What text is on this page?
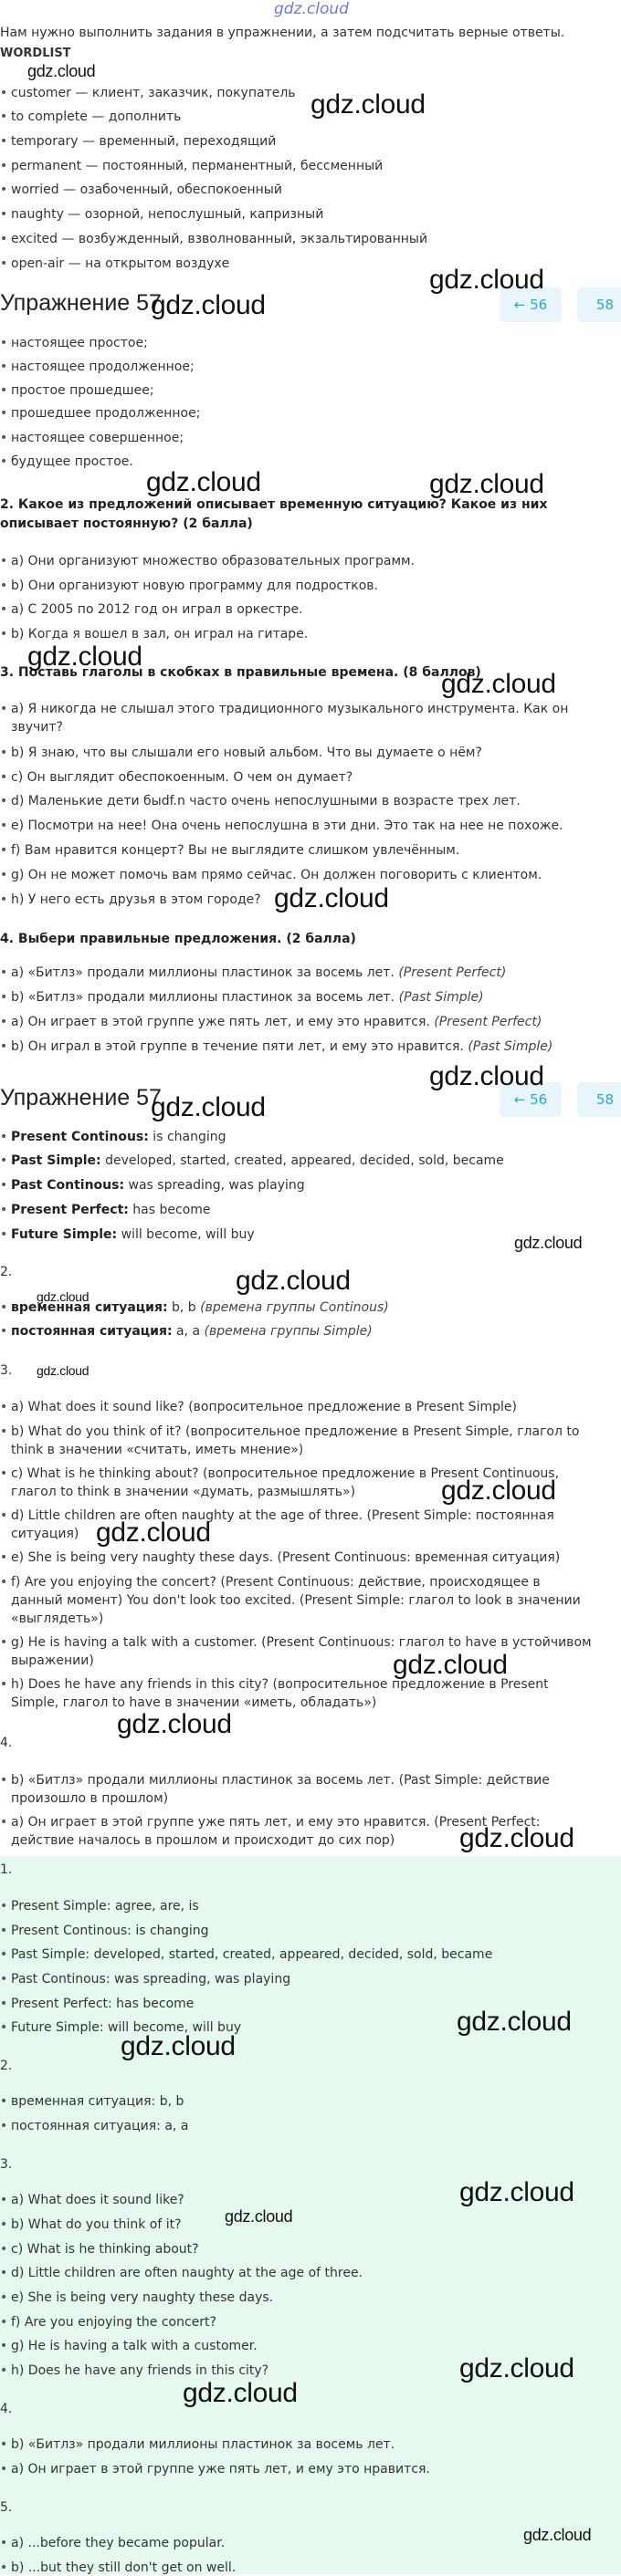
gdz.cloud
Нам нужно выполнить задания в упражнении, а затем подсчитать верные ответы.
WORDLIST
• customer — клиент, заказчик, покупатель
• to complete — дополнить
• temporary — временный, переходящий
• permanent — постоянный, перманентный, бессменный
• worried — озабоченный, обеспокоенный
• naughty — озорной, непослушный, капризный
• excited — возбужденный, взволнованный, экзальтированный
• open-air — на открытом воздухе
Упражнение 57	← 56	58
• настоящее простое;
• настоящее продолженное;
• простое прошедшее;
• прошедшее продолженное;
• настоящее совершенное;
• будущее простое.
2. Какое из предложений описывает временную ситуацию? Какое из них описывает постоянную? (2 балла)
• a) Они организуют множество образовательных программ.
• b) Они организуют новую программу для подростков.
• a) С 2005 по 2012 год он играл в оркестре.
• b) Когда я вошел в зал, он играл на гитаре.
3. Поставь глаголы в скобках в правильные времена. (8 баллов)
• a) Я никогда не слышал этого традиционного музыкального инструмента. Как он звучит?
• b) Я знаю, что вы слышали его новый альбом. Что вы думаете о нём?
• c) Он выглядит обеспокоенным. О чем он думает?
• d) Маленькие дети быdf.n часто очень непослушными в возрасте трех лет.
• e) Посмотри на нее! Она очень непослушна в эти дни. Это так на нее не похоже.
• f) Вам нравится концерт? Вы не выглядите слишком увлечённым.
• g) Он не может помочь вам прямо сейчас. Он должен поговорить с клиентом.
• h) У него есть друзья в этом городе?
4. Выбери правильные предложения. (2 балла)
• a) «Битлз» продали миллионы пластинок за восемь лет. (Present Perfect)
• b) «Битлз» продали миллионы пластинок за восемь лет. (Past Simple)
• a) Он играет в этой группе уже пять лет, и ему это нравится. (Present Perfect)
• b) Он играл в этой группе в течение пяти лет, и ему это нравится. (Past Simple)
Упражнение 57	← 56	58
• Present Continous: is changing
• Past Simple: developed, started, created, appeared, decided, sold, became
• Past Continous: was spreading, was playing
• Present Perfect: has become
• Future Simple: will become, will buy
2.
• временная ситуация: b, b (времена группы Continous)
• постоянная ситуация: a, a (времена группы Simple)
3.
• a) What does it sound like? (вопросительное предложение в Present Simple)
• b) What do you think of it? (вопросительное предложение в Present Simple, глагол to think в значении «считать, иметь мнение»)
• c) What is he thinking about? (вопросительное предложение в Present Continuous, глагол to think в значении «думать, размышлять»)
• d) Little children are often naughty at the age of three. (Present Simple: постоянная ситуация)
• e) She is being very naughty these days. (Present Continuous: временная ситуация)
• f) Are you enjoying the concert? (Present Continuous: действие, происходящее в данный момент) You don't look too excited. (Present Simple: глагол to look в значении «выглядеть»)
• g) He is having a talk with a customer. (Present Continuous: глагол to have в устойчивом выражении)
• h) Does he have any friends in this city? (вопросительное предложение в Present Simple, глагол to have в значении «иметь, обладать»)
4.
• b) «Битлз» продали миллионы пластинок за восемь лет. (Past Simple: действие произошло в прошлом)
• a) Он играет в этой группе уже пять лет, и ему это нравится. (Present Perfect: действие началось в прошлом и происходит до сих пор)
1.
• Present Simple: agree, are, is
• Present Continous: is changing
• Past Simple: developed, started, created, appeared, decided, sold, became
• Past Continous: was spreading, was playing
• Present Perfect: has become
• Future Simple: will become, will buy
2.
• временная ситуация: b, b
• постоянная ситуация: a, a
3.
• a) What does it sound like?
• b) What do you think of it?
• c) What is he thinking about?
• d) Little children are often naughty at the age of three.
• e) She is being very naughty these days.
• f) Are you enjoying the concert?
• g) He is having a talk with a customer.
• h) Does he have any friends in this city?
4.
• b) «Битлз» продали миллионы пластинок за восемь лет.
• a) Он играет в этой группе уже пять лет, и ему это нравится.
5.
• a) ...before they became popular.
• b) ...but they still don't get on well.
gdz.cloud
gdz.cloud
gdz.cloud
gdz.cloud
gdz.cloud	gdz.cloud
gdz.cloud
gdz.cloud
gdz.cloud
gdz.cloud
gdz.cloud
gdz.cloud
gdz.cloud
gdz.cloud
gdz.cloud
gdz.cloud
gdz.cloud
gdz.cloud
gdz.cloud
gdz.cloud
gdz.cloud
gdz.cloud
gdz.cloud
gdz.cloud
gdz.cloud
gdz.cloud
gdz.cloud
